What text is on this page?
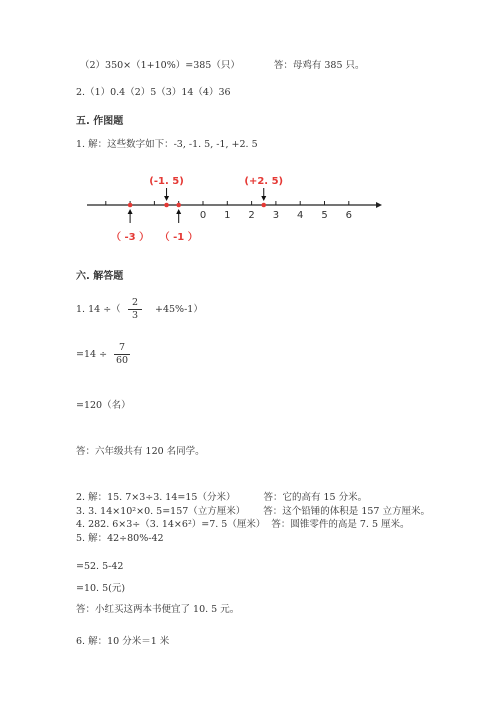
（2）350×（1+10%）=385（只）	答：母鸡有 385 只。
2.（1）0.4（2）5（3）14（4）36
五. 作图题
1. 解：这些数字如下：-3, -1. 5, -1, +2. 5
0 1 2 3 4 5 6
（ -3 ）
(-1. 5)
（ -1 ）
(+2. 5)
六. 解答题
1. 14 ÷（ $\frac{2}{3} +45\%-1$）
$=14 \div \frac{7}{60}$
=120（名）
答：六年级共有 120 名同学。
2. 解：15. 7×3÷3. 14=15（分米）	答：它的高有 15 分米。
3. 3. 14×10²×0. 5=157（立方厘米） 答：这个铅锤的体积是 157 立方厘米。
4. 282. 6×3÷（3. 14×6²）=7. 5（厘米） 答：圆锥零件的高是 7. 5 厘米。
5. 解：42÷80%-42
=52. 5-42
=10. 5(元)
答：小红买这两本书便宜了 10. 5 元。
6. 解：10 分米＝1 米
